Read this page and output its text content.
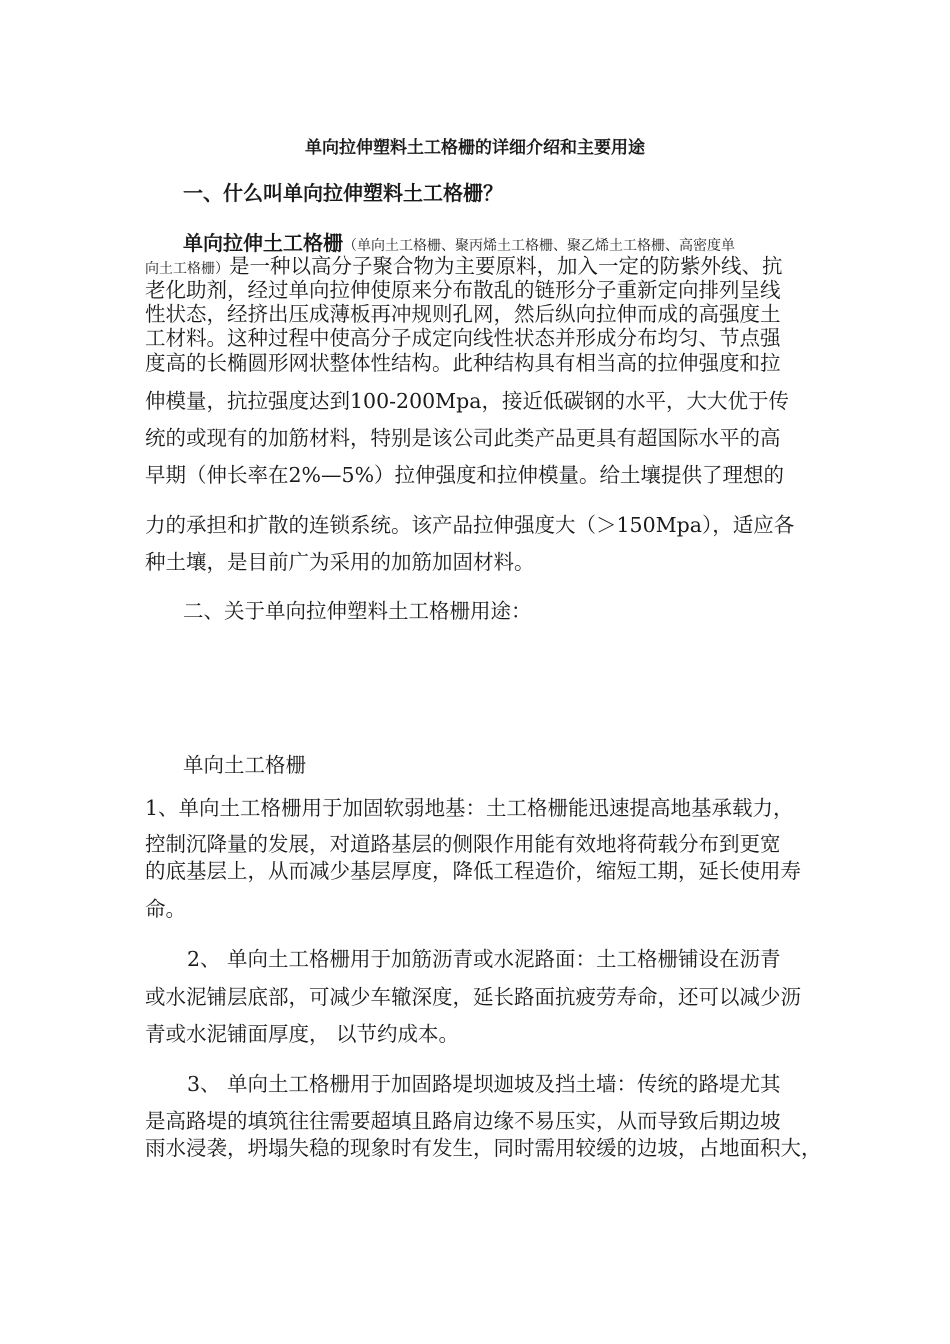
单向拉伸塑料土工格栅的详细介绍和主要用途
一、什么叫单向拉伸塑料土工格栅？
单向拉伸土工格栅（单向土工格栅、聚丙烯土工格栅、聚乙烯土工格栅、高密度单
向土工格栅）是一种以高分子聚合物为主要原料，加入一定的防紫外线、抗
老化助剂，经过单向拉伸使原来分布散乱的链形分子重新定向排列呈线
性状态，经挤出压成薄板再冲规则孔网，然后纵向拉伸而成的高强度土
工材料。这种过程中使高分子成定向线性状态并形成分布均匀、节点强
度高的长椭圆形网状整体性结构。此种结构具有相当高的拉伸强度和拉
伸模量，抗拉强度达到100-200Mpa，接近低碳钢的水平，大大优于传
统的或现有的加筋材料，特别是该公司此类产品更具有超国际水平的高
早期（伸长率在2%—5%）拉伸强度和拉伸模量。给土壤提供了理想的
力的承担和扩散的连锁系统。该产品拉伸强度大（＞150Mpa），适应各
种土壤，是目前广为采用的加筋加固材料。
二、关于单向拉伸塑料土工格栅用途：
单向土工格栅
1、单向土工格栅用于加固软弱地基：土工格栅能迅速提高地基承载力，
控制沉降量的发展，对道路基层的侧限作用能有效地将荷载分布到更宽
的底基层上，从而减少基层厚度，降低工程造价，缩短工期，延长使用寿
命。
2、 单向土工格栅用于加筋沥青或水泥路面：土工格栅铺设在沥青
或水泥铺层底部，可减少车辙深度，延长路面抗疲劳寿命，还可以减少沥
青或水泥铺面厚度， 以节约成本。
3、 单向土工格栅用于加固路堤坝迦坡及挡土墙：传统的路堤尤其
是高路堤的填筑往往需要超填且路肩边缘不易压实，从而导致后期边坡
雨水浸袭，坍塌失稳的现象时有发生，同时需用较缓的边坡，占地面积大，
